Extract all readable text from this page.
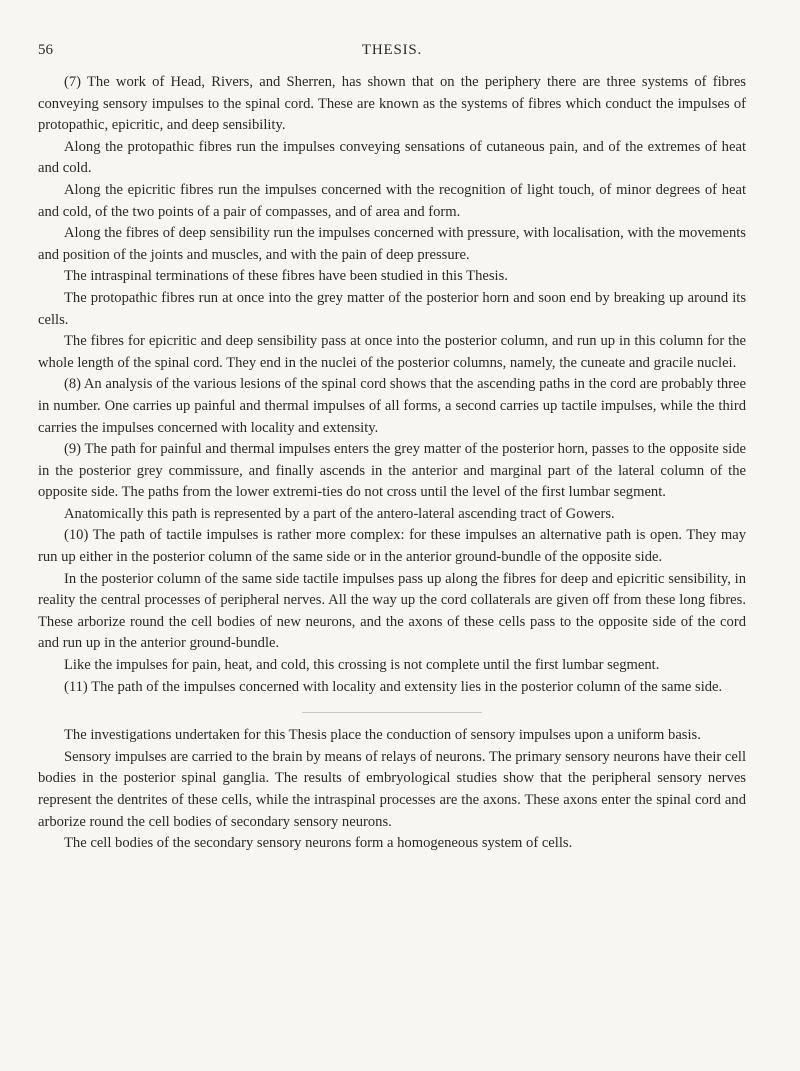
56	THESIS.

(7) The work of Head, Rivers, and Sherren, has shown that on the periphery there are three systems of fibres conveying sensory impulses to the spinal cord. These are known as the systems of fibres which conduct the impulses of protopathic, epicritic, and deep sensibility.

Along the protopathic fibres run the impulses conveying sensations of cutaneous pain, and of the extremes of heat and cold.

Along the epicritic fibres run the impulses concerned with the recognition of light touch, of minor degrees of heat and cold, of the two points of a pair of compasses, and of area and form.

Along the fibres of deep sensibility run the impulses concerned with pressure, with localisation, with the movements and position of the joints and muscles, and with the pain of deep pressure.

The intraspinal terminations of these fibres have been studied in this Thesis.

The protopathic fibres run at once into the grey matter of the posterior horn and soon end by breaking up around its cells.

The fibres for epicritic and deep sensibility pass at once into the posterior column, and run up in this column for the whole length of the spinal cord. They end in the nuclei of the posterior columns, namely, the cuneate and gracile nuclei.

(8) An analysis of the various lesions of the spinal cord shows that the ascending paths in the cord are probably three in number. One carries up painful and thermal impulses of all forms, a second carries up tactile impulses, while the third carries the impulses concerned with locality and extensity.

(9) The path for painful and thermal impulses enters the grey matter of the posterior horn, passes to the opposite side in the posterior grey commissure, and finally ascends in the anterior and marginal part of the lateral column of the opposite side. The paths from the lower extremi-ties do not cross until the level of the first lumbar segment.

Anatomically this path is represented by a part of the antero-lateral ascending tract of Gowers.

(10) The path of tactile impulses is rather more complex: for these impulses an alternative path is open. They may run up either in the posterior column of the same side or in the anterior ground-bundle of the opposite side.

In the posterior column of the same side tactile impulses pass up along the fibres for deep and epicritic sensibility, in reality the central processes of peripheral nerves. All the way up the cord collaterals are given off from these long fibres. These arborize round the cell bodies of new neurons, and the axons of these cells pass to the opposite side of the cord and run up in the anterior ground-bundle.

Like the impulses for pain, heat, and cold, this crossing is not complete until the first lumbar segment.

(11) The path of the impulses concerned with locality and extensity lies in the posterior column of the same side.

The investigations undertaken for this Thesis place the conduction of sensory impulses upon a uniform basis.

Sensory impulses are carried to the brain by means of relays of neurons. The primary sensory neurons have their cell bodies in the posterior spinal ganglia. The results of embryological studies show that the peripheral sensory nerves represent the dentrites of these cells, while the intraspinal processes are the axons. These axons enter the spinal cord and arborize round the cell bodies of secondary sensory neurons.

The cell bodies of the secondary sensory neurons form a homogeneous system of cells.
